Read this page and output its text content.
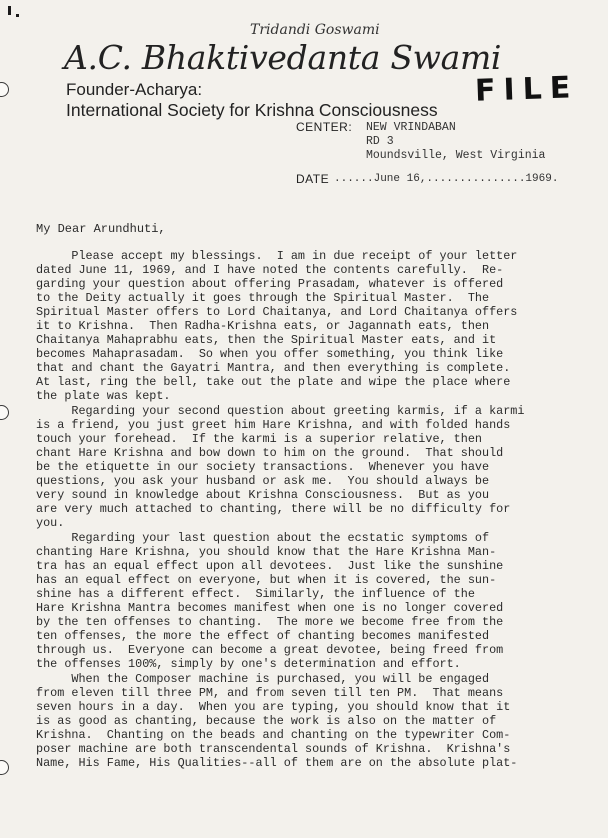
Tridandi Goswami
A.C. Bhaktivedanta Swami
Founder-Acharya:
International Society for Krishna Consciousness
FILE
CENTER: NEW VRINDABAN
RD 3
Moundsville, West Virginia
DATE ......June 16,...............1969.
My Dear Arundhuti,
Please accept my blessings.  I am in due receipt of your letter
dated June 11, 1969, and I have noted the contents carefully.  Re-
garding your question about offering Prasadam, whatever is offered
to the Deity actually it goes through the Spiritual Master.  The
Spiritual Master offers to Lord Chaitanya, and Lord Chaitanya offers
it to Krishna.  Then Radha-Krishna eats, or Jagannath eats, then
Chaitanya Mahaprabhu eats, then the Spiritual Master eats, and it
becomes Mahaprasadam.  So when you offer something, you think like
that and chant the Gayatri Mantra, and then everything is complete.
At last, ring the bell, take out the plate and wipe the place where
the plate was kept.
Regarding your second question about greeting karmis, if a karmi
is a friend, you just greet him Hare Krishna, and with folded hands
touch your forehead.  If the karmi is a superior relative, then
chant Hare Krishna and bow down to him on the ground.  That should
be the etiquette in our society transactions.  Whenever you have
questions, you ask your husband or ask me.  You should always be
very sound in knowledge about Krishna Consciousness.  But as you
are very much attached to chanting, there will be no difficulty for
you.
Regarding your last question about the ecstatic symptoms of
chanting Hare Krishna, you should know that the Hare Krishna Man-
tra has an equal effect upon all devotees.  Just like the sunshine
has an equal effect on everyone, but when it is covered, the sun-
shine has a different effect.  Similarly, the influence of the
Hare Krishna Mantra becomes manifest when one is no longer covered
by the ten offenses to chanting.  The more we become free from the
ten offenses, the more the effect of chanting becomes manifested
through us.  Everyone can become a great devotee, being freed from
the offenses 100%, simply by one's determination and effort.
When the Composer machine is purchased, you will be engaged
from eleven till three PM, and from seven till ten PM.  That means
seven hours in a day.  When you are typing, you should know that it
is as good as chanting, because the work is also on the matter of
Krishna.  Chanting on the beads and chanting on the typewriter Com-
poser machine are both transcendental sounds of Krishna.  Krishna's
Name, His Fame, His Qualities--all of them are on the absolute plat-
